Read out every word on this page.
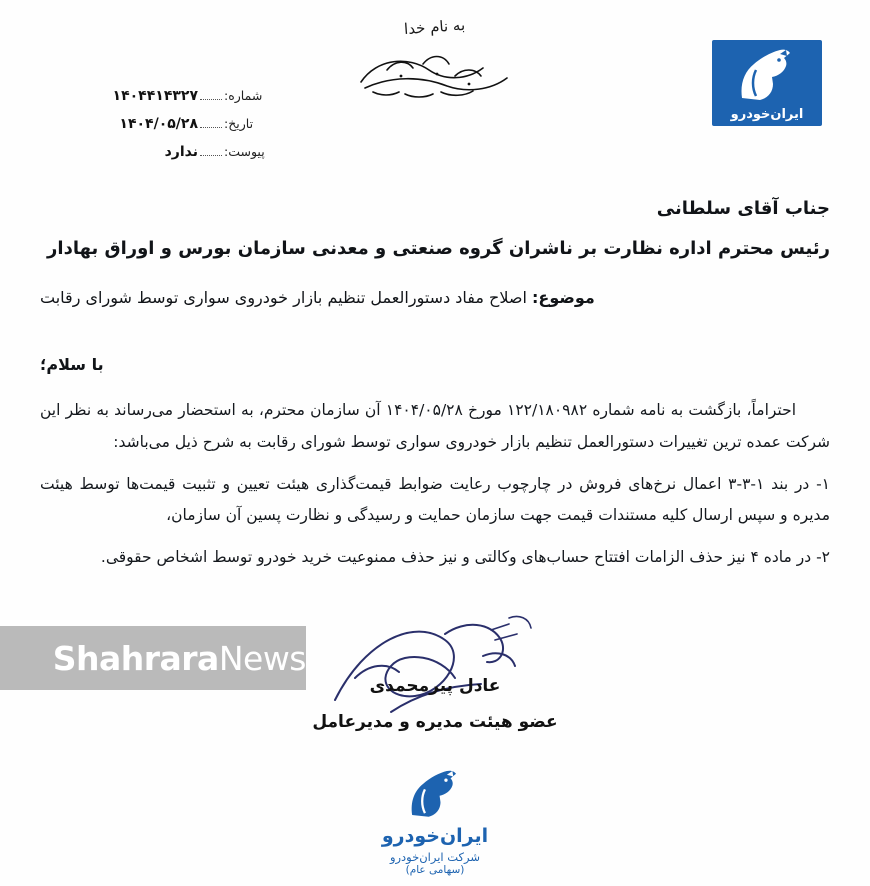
به نام خدا
ایران‌خودرو
شماره:
۱۴۰۴۴۱۴۳۲۷
تاریخ:
۱۴۰۴/۰۵/۲۸
پیوست:
ندارد
جناب آقای سلطانی
رئیس محترم اداره نظارت بر ناشران گروه صنعتی و معدنی سازمان بورس و اوراق بهادار
موضوع: اصلاح مفاد دستورالعمل تنظیم بازار خودروی سواری توسط شورای رقابت
با سلام؛

احتراماً، بازگشت به نامه شماره ۱۲۲/۱۸۰۹۸۲ مورخ ۱۴۰۴/۰۵/۲۸ آن سازمان محترم، به استحضار می‌رساند به نظر این شرکت عمده ترین تغییرات دستورالعمل تنظیم بازار خودروی سواری توسط شورای رقابت به شرح ذیل می‌باشد:

۱- در بند ۱-۳-۳ اعمال نرخ‌های فروش در چارچوب رعایت ضوابط قیمت‌گذاری هیئت تعیین و تثبیت قیمت‌ها توسط هیئت مدیره و سپس ارسال کلیه مستندات قیمت جهت سازمان حمایت و رسیدگی و نظارت پسین آن سازمان،

۲- در ماده ۴ نیز حذف الزامات افتتاح حساب‌های وکالتی و نیز حذف ممنوعیت خرید خودرو توسط اشخاص حقوقی.

عادل پیرمحمدی
عضو هیئت مدیره و مدیرعامل
ایران‌خودرو
شرکت ایران‌خودرو
(سهامی عام)
ShahraraNews
